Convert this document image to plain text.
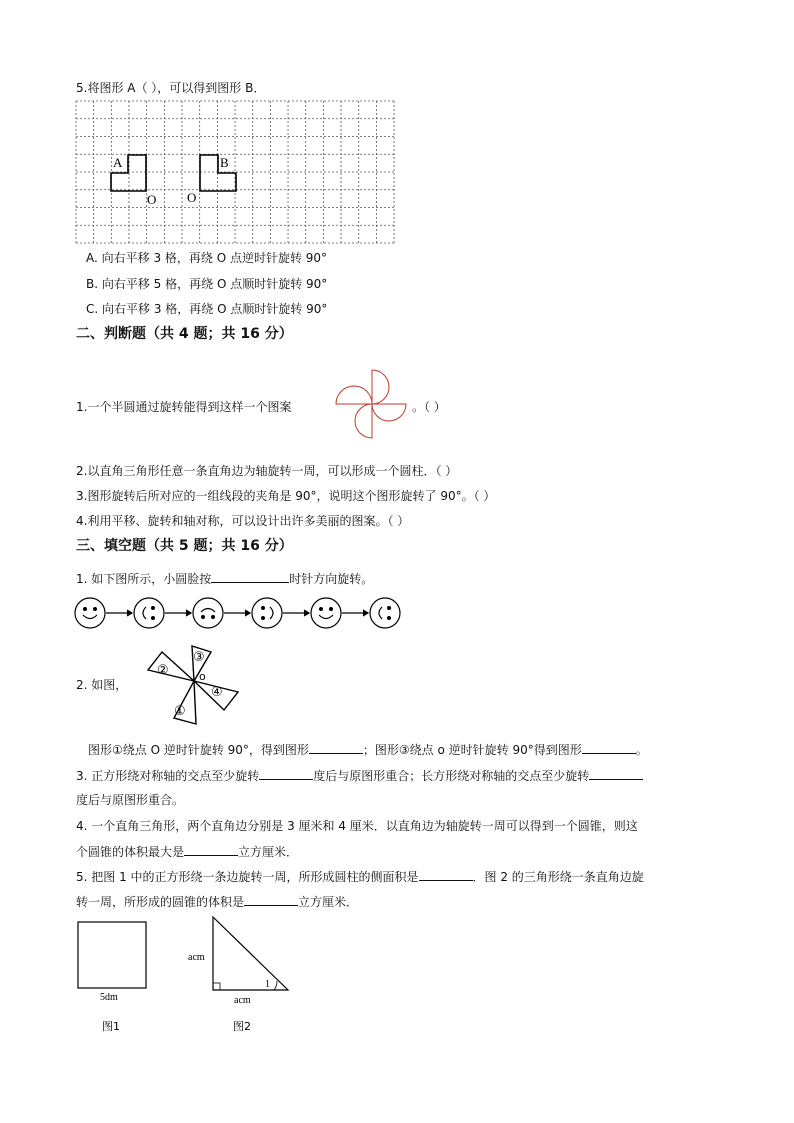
5.将图形 A（ ），可以得到图形 B．
A	B
O O
A. 向右平移 3 格，再绕 O 点逆时针旋转 90°
B. 向右平移 5 格，再绕 O 点顺时针旋转 90°
C. 向右平移 3 格，再绕 O 点顺时针旋转 90°
二、判断题（共 4 题；共 16 分）
1.一个半圆通过旋转能得到这样一个图案	。（ ）
2.以直角三角形任意一条直角边为轴旋转一周，可以形成一个圆柱．（ ）
3.图形旋转后所对应的一组线段的夹角是 90°，说明这个图形旋转了 90°。（ ）
4.利用平移、旋转和轴对称，可以设计出许多美丽的图案。（ ）
三、填空题（共 5 题；共 16 分）
1. 如下图所示，小圆脸按	时针方向旋转。
2. 如图，
③
②
④
①
o
图形①绕点 O 逆时针旋转 90°，得到图形	；图形③绕点 o 逆时针旋转 90°得到图形	。
3. 正方形绕对称轴的交点至少旋转	度后与原图形重合；长方形绕对称轴的交点至少旋转
度后与原图形重合。
4. 一个直角三角形，两个直角边分别是 3 厘米和 4 厘米．以直角边为轴旋转一周可以得到一个圆锥，则这
个圆锥的体积最大是	立方厘米．
5. 把图 1 中的正方形绕一条边旋转一周，所形成圆柱的侧面积是	．图 2 的三角形绕一条直角边旋
转一周，所形成的圆锥的体积是	立方厘米．
5dm
图1
acm
acm
1
图2
